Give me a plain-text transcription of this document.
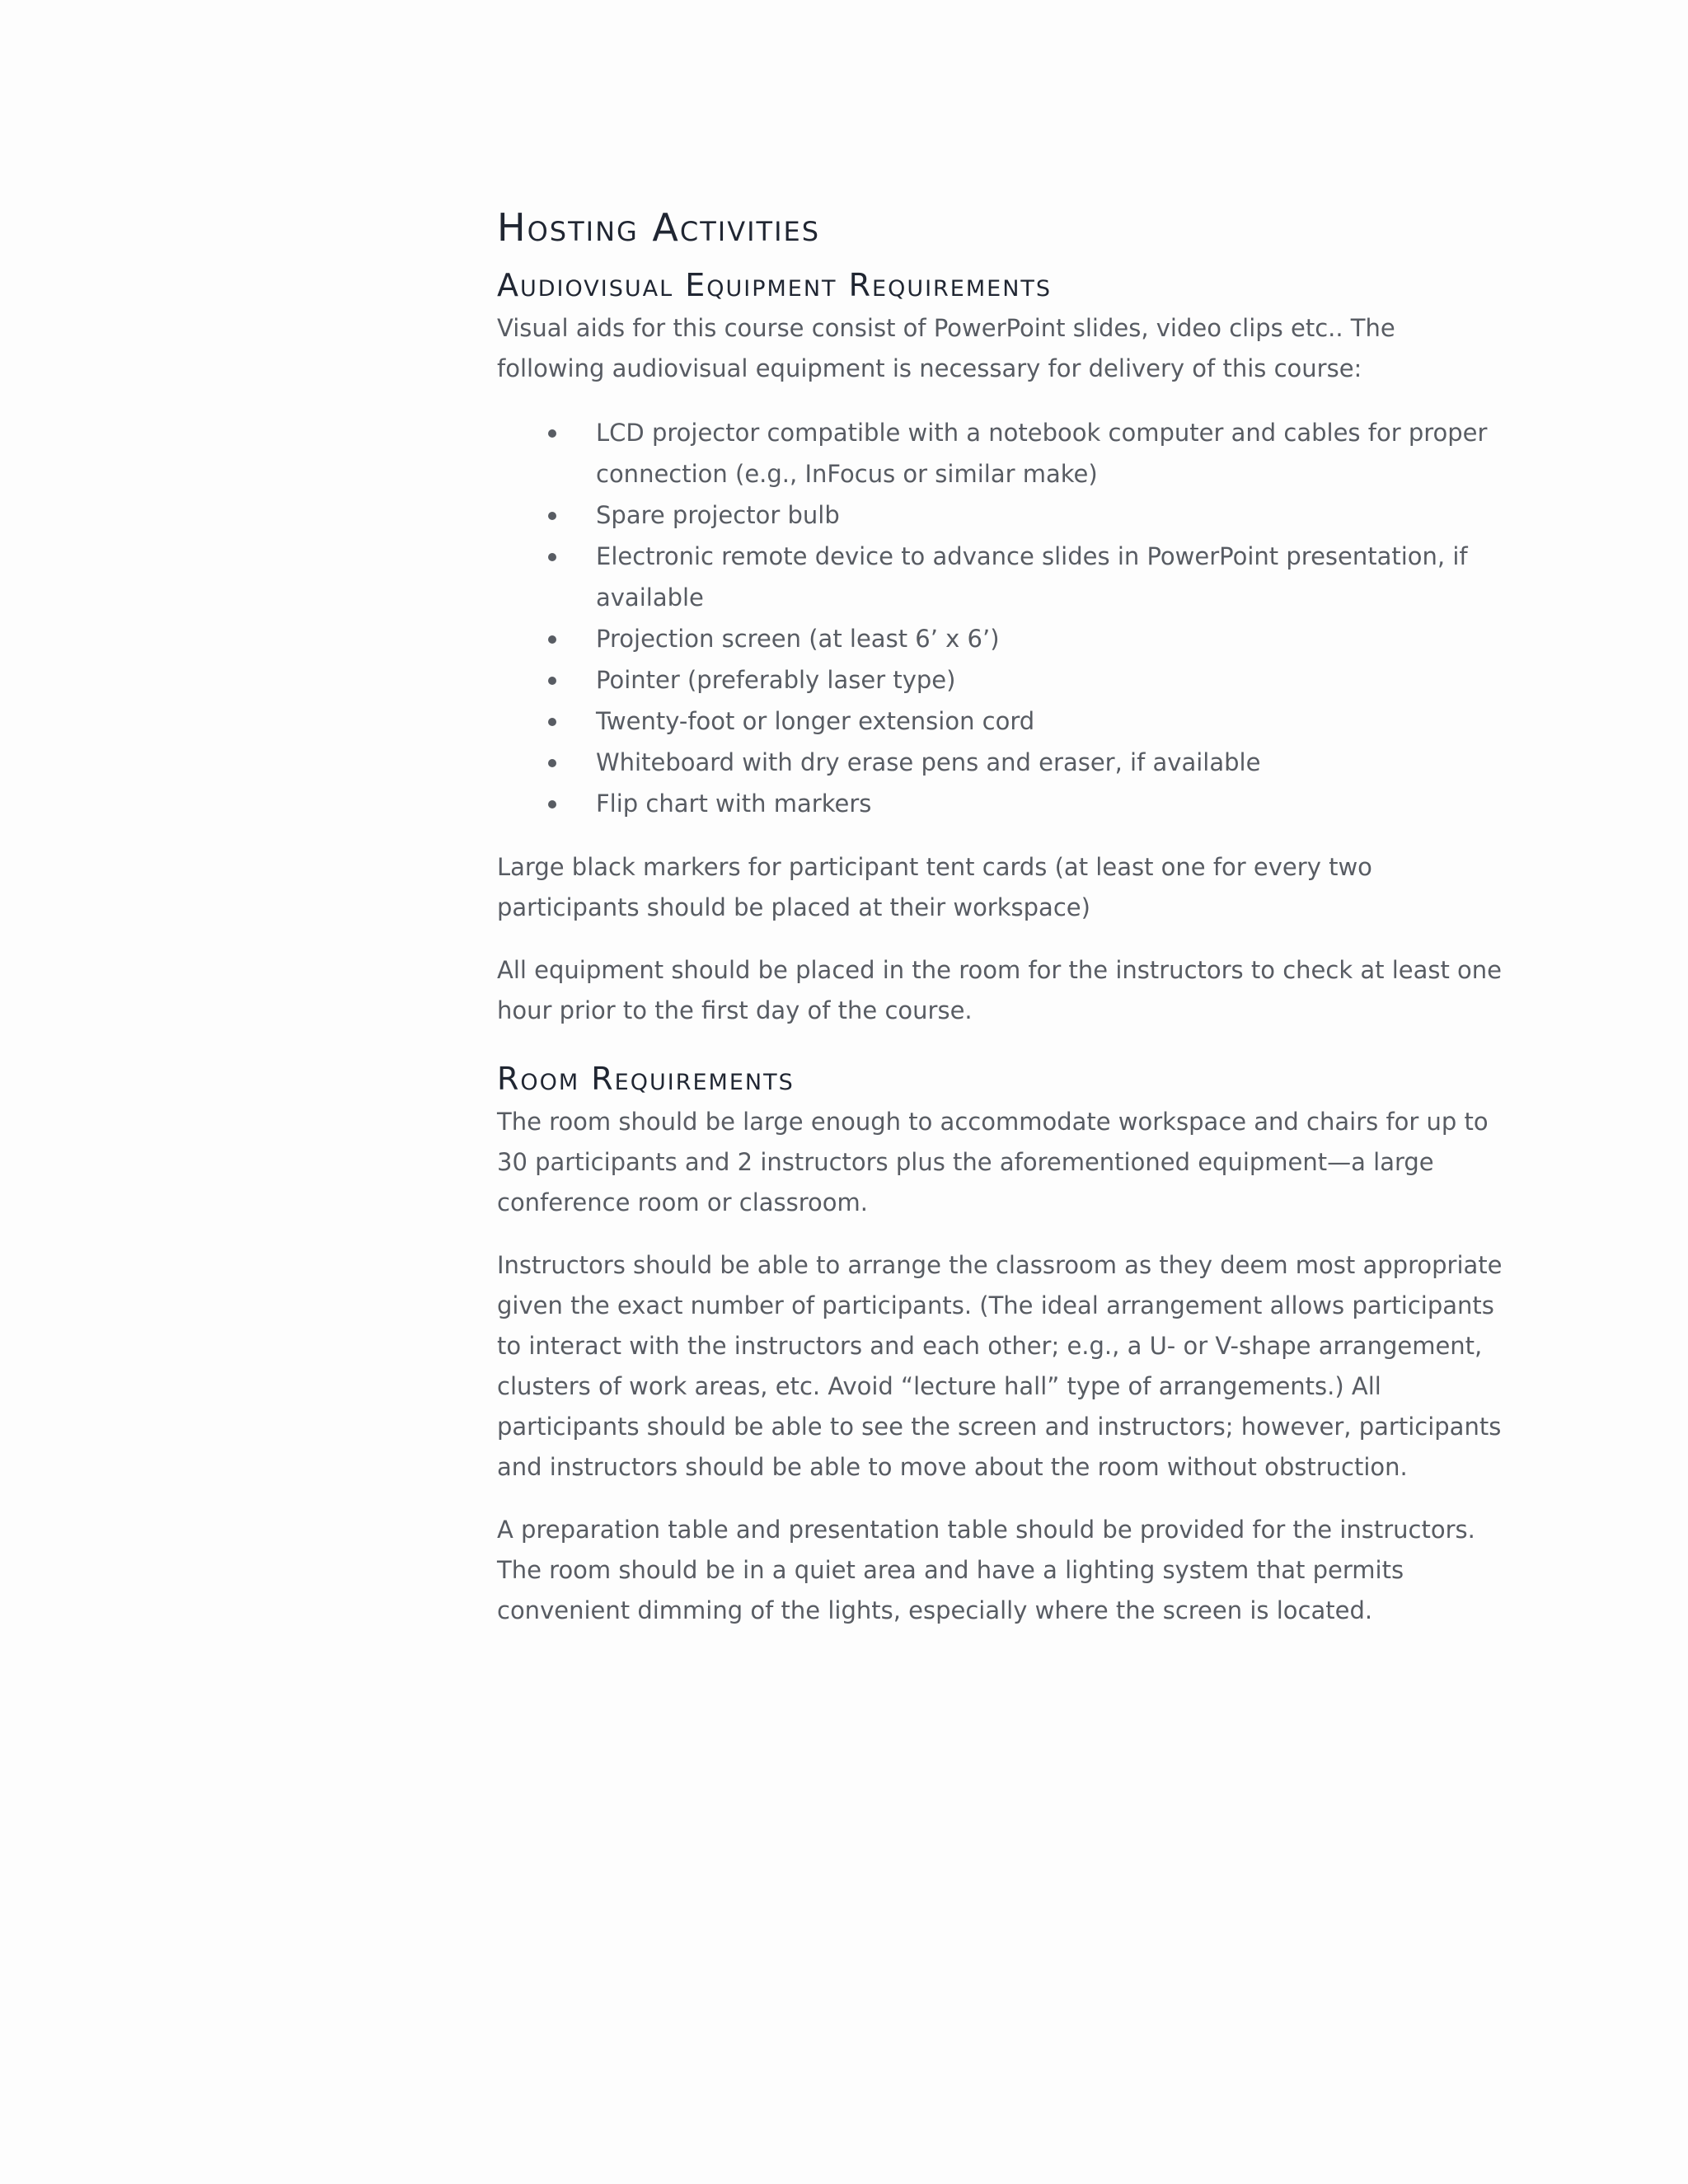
Hosting Activities
Audiovisual Equipment Requirements

Visual aids for this course consist of PowerPoint slides, video clips etc.. The following audiovisual equipment is necessary for delivery of this course:

LCD projector compatible with a notebook computer and cables for proper connection (e.g., InFocus or similar make)
Spare projector bulb
Electronic remote device to advance slides in PowerPoint presentation, if available
Projection screen (at least 6’ x 6’)
Pointer (preferably laser type)
Twenty-foot or longer extension cord
Whiteboard with dry erase pens and eraser, if available
Flip chart with markers

Large black markers for participant tent cards (at least one for every two participants should be placed at their workspace)

All equipment should be placed in the room for the instructors to check at least one hour prior to the first day of the course.

Room Requirements

The room should be large enough to accommodate workspace and chairs for up to 30 participants and 2 instructors plus the aforementioned equipment—a large conference room or classroom.

Instructors should be able to arrange the classroom as they deem most appropriate given the exact number of participants. (The ideal arrangement allows participants to interact with the instructors and each other; e.g., a U- or V-shape arrangement, clusters of work areas, etc. Avoid “lecture hall” type of arrangements.) All participants should be able to see the screen and instructors; however, participants and instructors should be able to move about the room without obstruction.

A preparation table and presentation table should be provided for the instructors. The room should be in a quiet area and have a lighting system that permits convenient dimming of the lights, especially where the screen is located.
